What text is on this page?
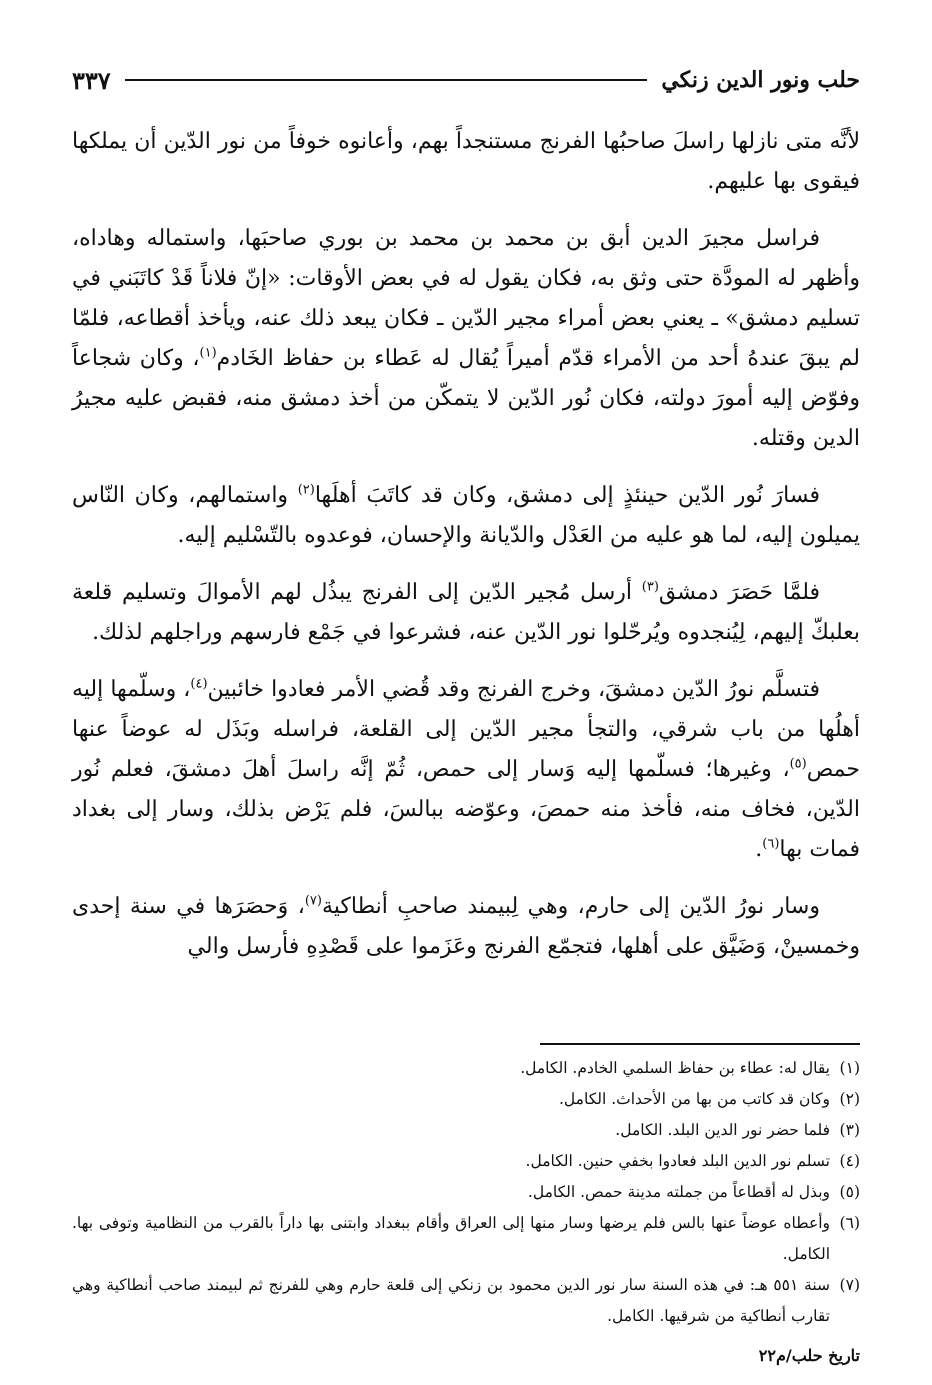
حلب ونور الدين زنكي
٣٣٧

لأنَّه متى نازلها راسلَ صاحبُها الفرنج مستنجداً بهم، وأعانوه خوفاً من نور الدّين أن يملكها فيقوى بها عليهم.

فراسل مجيرَ الدين أبق بن محمد بن محمد بن بوري صاحبَها، واستماله وهاداه، وأظهر له المودَّة حتى وثق به، فكان يقول له في بعض الأوقات: «إنّ فلاناً قَدْ كاتَبَني في تسليم دمشق» ـ يعني بعض أمراء مجير الدّين ـ فكان يبعد ذلك عنه، ويأخذ أقطاعه، فلمّا لم يبقَ عندهُ أحد من الأمراء قدّم أميراً يُقال له عَطاء بن حفاظ الخَادم$^{(١)}$، وكان شجاعاً وفوّض إليه أمورَ دولته، فكان نُور الدّين لا يتمكّن من أخذ دمشق منه، فقبض عليه مجيرُ الدين وقتله.

فسارَ نُور الدّين حينئذٍ إلى دمشق، وكان قد كاتَبَ أهلَها$^{(٢)}$ واستمالهم، وكان النّاس يميلون إليه، لما هو عليه من العَدْل والدّيانة والإحسان، فوعدوه بالتّسْليم إليه.

فلمَّا حَصَرَ دمشق$^{(٣)}$ أرسل مُجير الدّين إلى الفرنج يبذُل لهم الأموالَ وتسليم قلعة بعلبكّ إليهم، لِيُنجدوه ويُرحّلوا نور الدّين عنه، فشرعوا في جَمْع فارسهم وراجلهم لذلك.

فتسلَّم نورُ الدّين دمشقَ، وخرج الفرنج وقد قُضي الأمر فعادوا خائبين$^{(٤)}$، وسلّمها إليه أهلُها من باب شرقي، والتجأ مجير الدّين إلى القلعة، فراسله وبَذَل له عوضاً عنها حمص$^{(٥)}$، وغيرها؛ فسلّمها إليه وَسار إلى حمص، ثُمّ إنَّه راسلَ أهلَ دمشقَ، فعلم نُور الدّين، فخاف منه، فأخذ منه حمصَ، وعوّضه ببالسَ، فلم يَرْض بذلك، وسار إلى بغداد فمات بها$^{(٦)}$.

وسار نورُ الدّين إلى حارم، وهي لِبيمند صاحبِ أنطاكية$^{(٧)}$، وَحصَرَها في سنة إحدى وخمسينْ، وَضَيَّق على أهلها، فتجمّع الفرنج وعَزَموا على قَصْدِهِ فأرسل والي

(١)
يقال له: عطاء بن حفاظ السلمي الخادم. الكامل.
(٢)
وكان قد كاتب من بها من الأحداث. الكامل.
(٣)
فلما حضر نور الدين البلد. الكامل.
(٤)
تسلم نور الدين البلد فعادوا بخفي حنين. الكامل.
(٥)
وبذل له أقطاعاً من جملته مدينة حمص. الكامل.
(٦)
وأعطاه عوضاً عنها بالس فلم يرضها وسار منها إلى العراق وأقام ببغداد وابتنى بها داراً بالقرب من النظامية وتوفى بها. الكامل.
(٧)
سنة ٥٥١ هـ: في هذه السنة سار نور الدين محمود بن زنكي إلى قلعة حارم وهي للفرنج ثم لبيمند صاحب أنطاكية وهي تقارب أنطاكية من شرقيها. الكامل.
تاريخ حلب/م٢٢
